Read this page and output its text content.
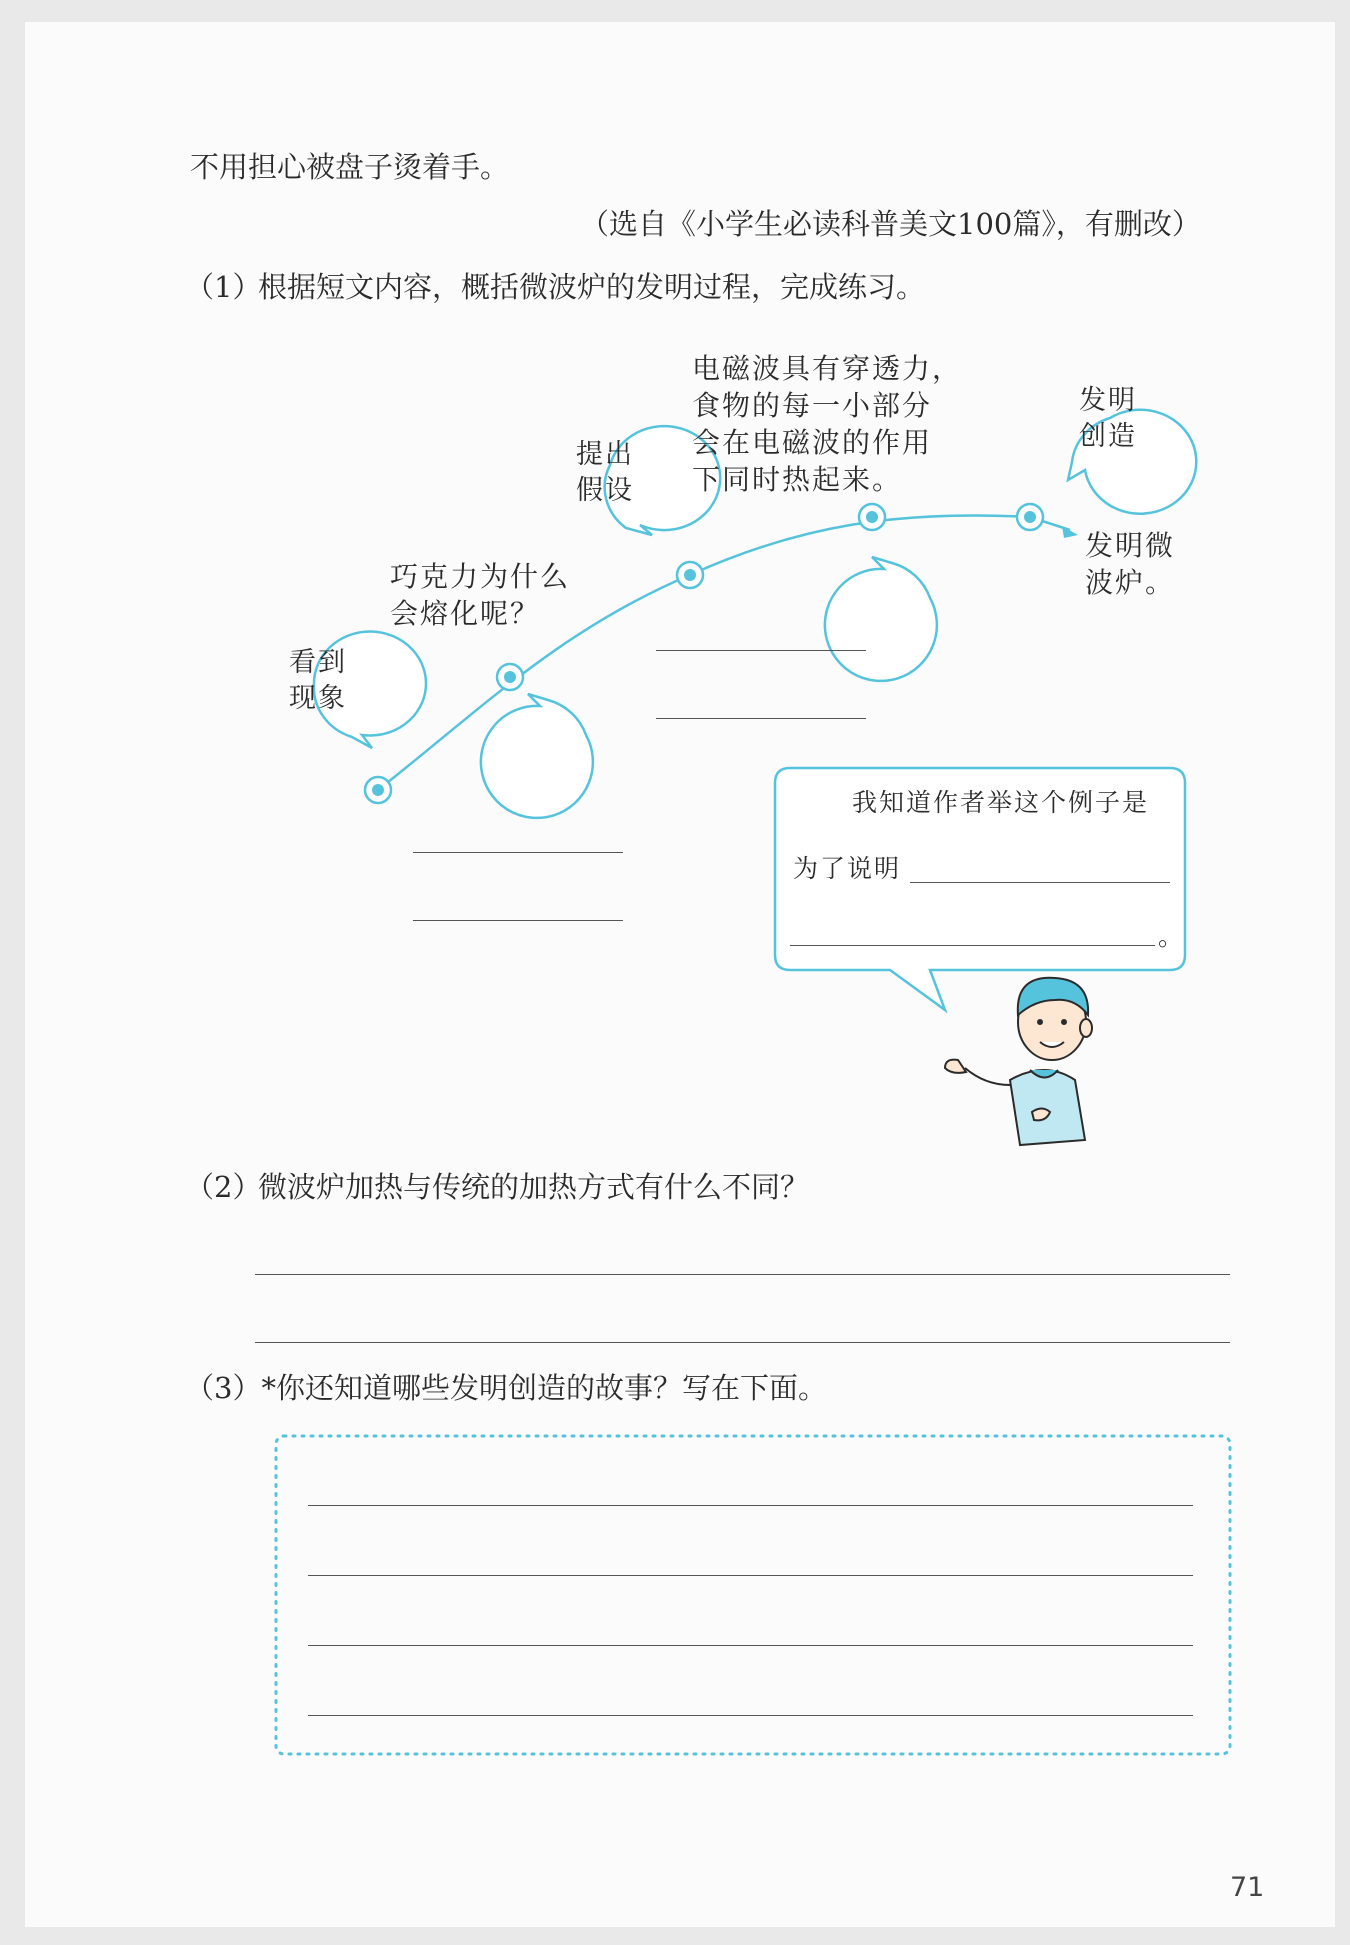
不用担心被盘子烫着手。
（选自《小学生必读科普美文100篇》，有删改）
（1）
根据短文内容，概括微波炉的发明过程，完成练习。
看到
现象
提出
假设
发明
创造
巧克力为什么
会熔化呢？
电磁波具有穿透力，
食物的每一小部分
会在电磁波的作用
下同时热起来。
发明微
波炉。
我知道作者举这个例子是
为了说明
。
（2）
微波炉加热与传统的加热方式有什么不同？
（3）* 你还知道哪些发明创造的故事？写在下面。
71
